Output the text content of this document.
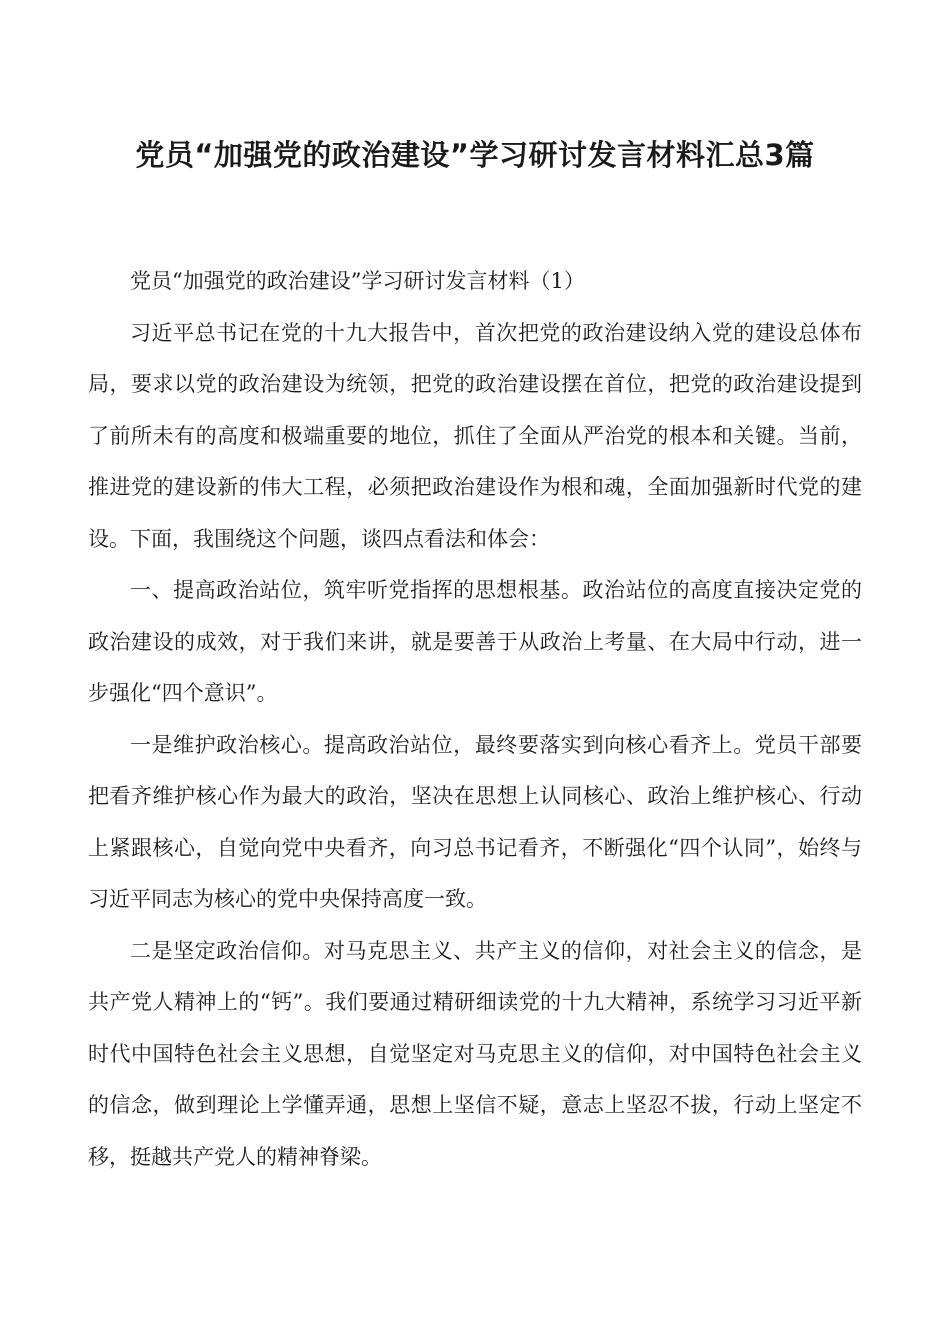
党员“加强党的政治建设”学习研讨发言材料汇总3篇

党员“加强党的政治建设”学习研讨发言材料（1）

习近平总书记在党的十九大报告中，首次把党的政治建设纳入党的建设总体布局，要求以党的政治建设为统领，把党的政治建设摆在首位，把党的政治建设提到了前所未有的高度和极端重要的地位，抓住了全面从严治党的根本和关键。当前，推进党的建设新的伟大工程，必须把政治建设作为根和魂，全面加强新时代党的建设。下面，我围绕这个问题，谈四点看法和体会：

一、提高政治站位，筑牢听党指挥的思想根基。政治站位的高度直接决定党的政治建设的成效，对于我们来讲，就是要善于从政治上考量、在大局中行动，进一步强化“四个意识”。

一是维护政治核心。提高政治站位，最终要落实到向核心看齐上。党员干部要把看齐维护核心作为最大的政治，坚决在思想上认同核心、政治上维护核心、行动上紧跟核心，自觉向党中央看齐，向习总书记看齐，不断强化“四个认同”，始终与习近平同志为核心的党中央保持高度一致。

二是坚定政治信仰。对马克思主义、共产主义的信仰，对社会主义的信念，是共产党人精神上的“钙”。我们要通过精研细读党的十九大精神，系统学习习近平新时代中国特色社会主义思想，自觉坚定对马克思主义的信仰，对中国特色社会主义的信念，做到理论上学懂弄通，思想上坚信不疑，意志上坚忍不拔，行动上坚定不移，挺越共产党人的精神脊梁。
